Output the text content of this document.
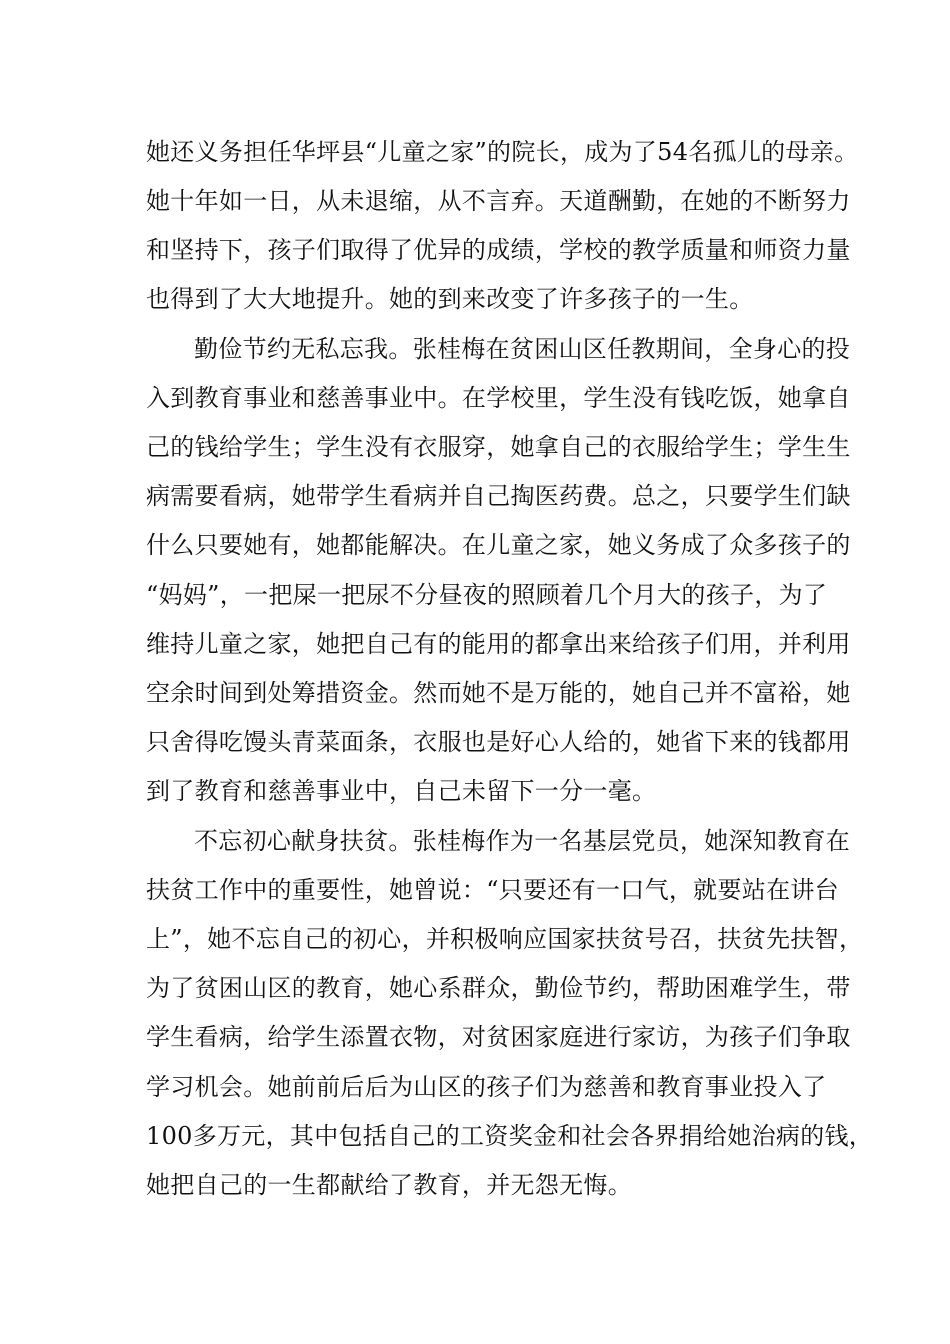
她还义务担任华坪县“儿童之家”的院长，成为了54名孤儿的母亲。
她十年如一日，从未退缩，从不言弃。天道酬勤，在她的不断努力
和坚持下，孩子们取得了优异的成绩，学校的教学质量和师资力量
也得到了大大地提升。她的到来改变了许多孩子的一生。
勤俭节约无私忘我。张桂梅在贫困山区任教期间，全身心的投
入到教育事业和慈善事业中。在学校里，学生没有钱吃饭，她拿自
己的钱给学生；学生没有衣服穿，她拿自己的衣服给学生；学生生
病需要看病，她带学生看病并自己掏医药费。总之，只要学生们缺
什么只要她有，她都能解决。在儿童之家，她义务成了众多孩子的
“妈妈”，一把屎一把尿不分昼夜的照顾着几个月大的孩子，为了
维持儿童之家，她把自己有的能用的都拿出来给孩子们用，并利用
空余时间到处筹措资金。然而她不是万能的，她自己并不富裕，她
只舍得吃馒头青菜面条，衣服也是好心人给的，她省下来的钱都用
到了教育和慈善事业中，自己未留下一分一毫。
不忘初心献身扶贫。张桂梅作为一名基层党员，她深知教育在
扶贫工作中的重要性，她曾说：“只要还有一口气，就要站在讲台
上”，她不忘自己的初心，并积极响应国家扶贫号召，扶贫先扶智，
为了贫困山区的教育，她心系群众，勤俭节约，帮助困难学生，带
学生看病，给学生添置衣物，对贫困家庭进行家访，为孩子们争取
学习机会。她前前后后为山区的孩子们为慈善和教育事业投入了
100多万元，其中包括自己的工资奖金和社会各界捐给她治病的钱，
她把自己的一生都献给了教育，并无怨无悔。
